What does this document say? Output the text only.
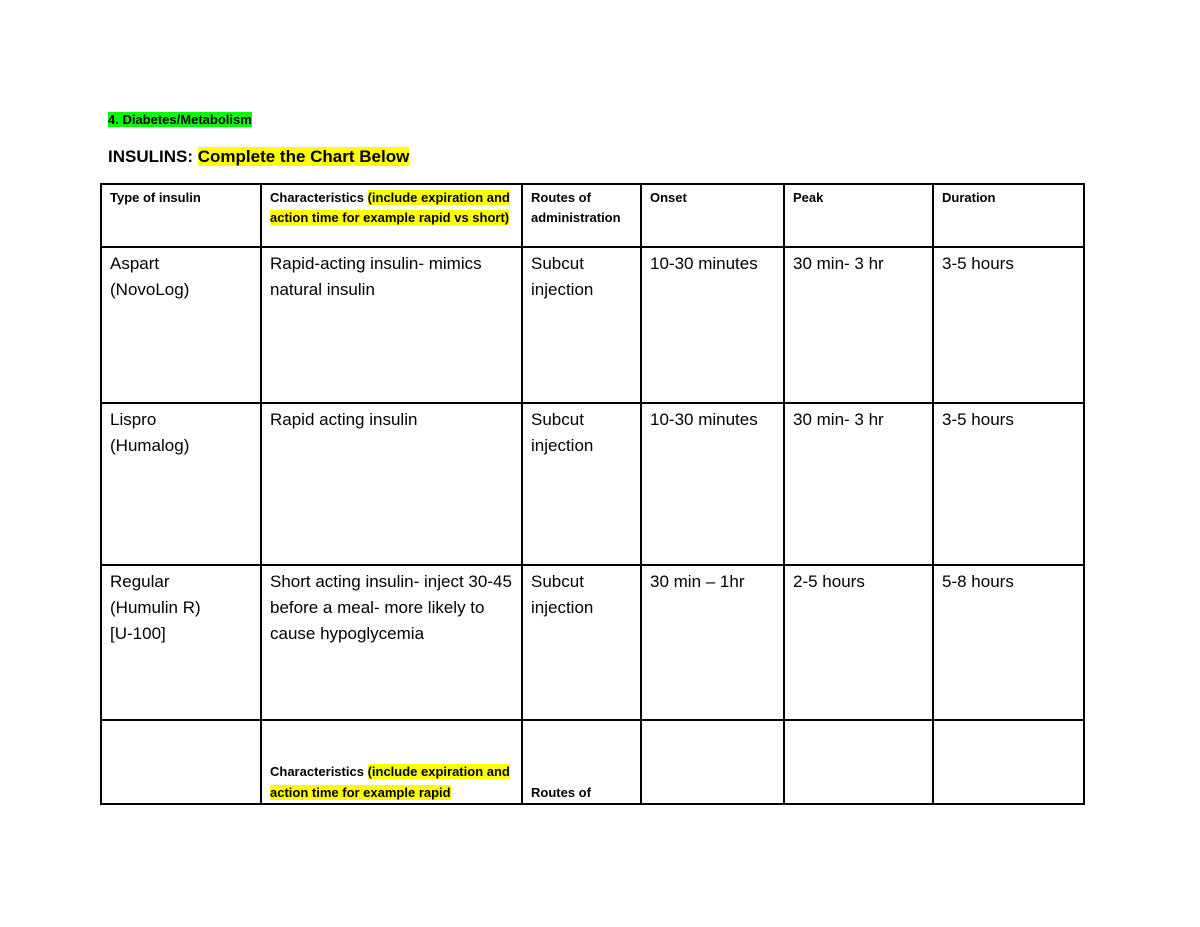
4. Diabetes/Metabolism
INSULINS: Complete the Chart Below
Type of insulin	Characteristics (include expiration and action time for example rapid vs short)	Routes of
administration	Onset	Peak	Duration

Aspart
(NovoLog)	Rapid-acting insulin- mimics natural insulin	Subcut
injection	10-30 minutes	30 min- 3 hr	3-5 hours

Lispro
(Humalog)	Rapid acting insulin	Subcut
injection	10-30 minutes	30 min- 3 hr	3-5 hours

Regular
(Humulin R)
[U-100]	Short acting insulin- inject 30-45 before a meal- more likely to cause hypoglycemia	Subcut
injection	30 min – 1hr	2-5 hours	5-8 hours

	Characteristics (include expiration and action time for example rapid	Routes of			
